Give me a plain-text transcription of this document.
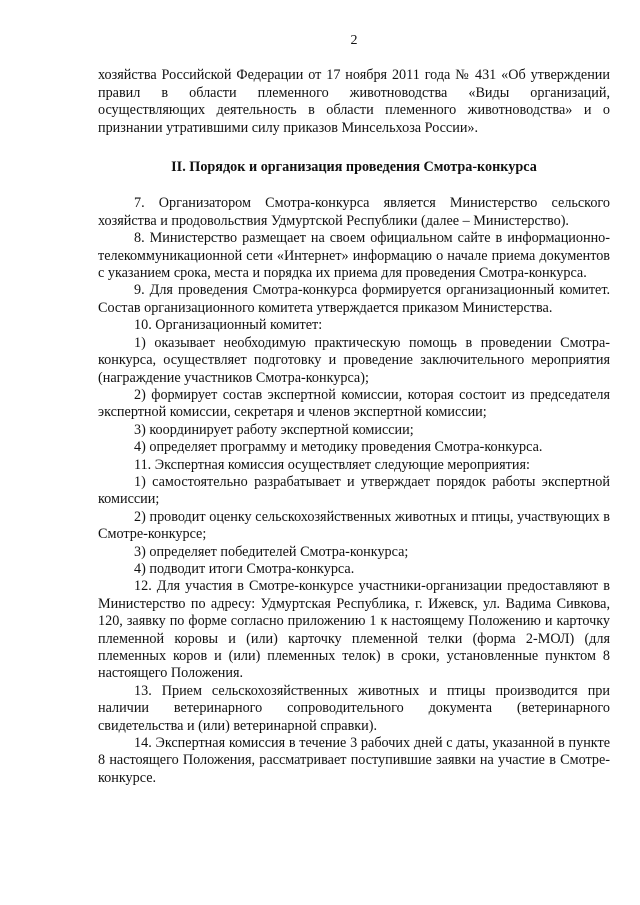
2

хозяйства Российской Федерации от 17 ноября 2011 года № 431 «Об утверждении правил в области племенного животноводства «Виды организаций, осуществляющих деятельность в области племенного животноводства» и о признании утратившими силу приказов Минсельхоза России».

II. Порядок и организация проведения Смотра-конкурса

7. Организатором Смотра-конкурса является Министерство сельского хозяйства и продовольствия Удмуртской Республики (далее – Министерство).

8. Министерство размещает на своем официальном сайте в информационно-телекоммуникационной сети «Интернет» информацию о начале приема документов с указанием срока, места и порядка их приема для проведения Смотра-конкурса.

9. Для проведения Смотра-конкурса формируется организационный комитет. Состав организационного комитета утверждается приказом Министерства.

10. Организационный комитет:

1) оказывает необходимую практическую помощь в проведении Смотра-конкурса, осуществляет подготовку и проведение заключительного мероприятия (награждение участников Смотра-конкурса);

2) формирует состав экспертной комиссии, которая состоит из председателя экспертной комиссии, секретаря и членов экспертной комиссии;

3) координирует работу экспертной комиссии;

4) определяет программу и методику проведения Смотра-конкурса.

11. Экспертная комиссия осуществляет следующие мероприятия:

1) самостоятельно разрабатывает и утверждает порядок работы экспертной комиссии;

2) проводит оценку сельскохозяйственных животных и птицы, участвующих в Смотре-конкурсе;

3) определяет победителей Смотра-конкурса;

4) подводит итоги Смотра-конкурса.

12. Для участия в Смотре-конкурсе участники-организации предоставляют в Министерство по адресу: Удмуртская Республика, г. Ижевск, ул. Вадима Сивкова, 120, заявку по форме согласно приложению 1 к настоящему Положению и карточку племенной коровы и (или) карточку племенной телки (форма 2-МОЛ) (для племенных коров и (или) племенных телок) в сроки, установленные пунктом 8 настоящего Положения.

13. Прием сельскохозяйственных животных и птицы производится при наличии ветеринарного сопроводительного документа (ветеринарного свидетельства и (или) ветеринарной справки).

14. Экспертная комиссия в течение 3 рабочих дней с даты, указанной в пункте 8 настоящего Положения, рассматривает поступившие заявки на участие в Смотре-конкурсе.
